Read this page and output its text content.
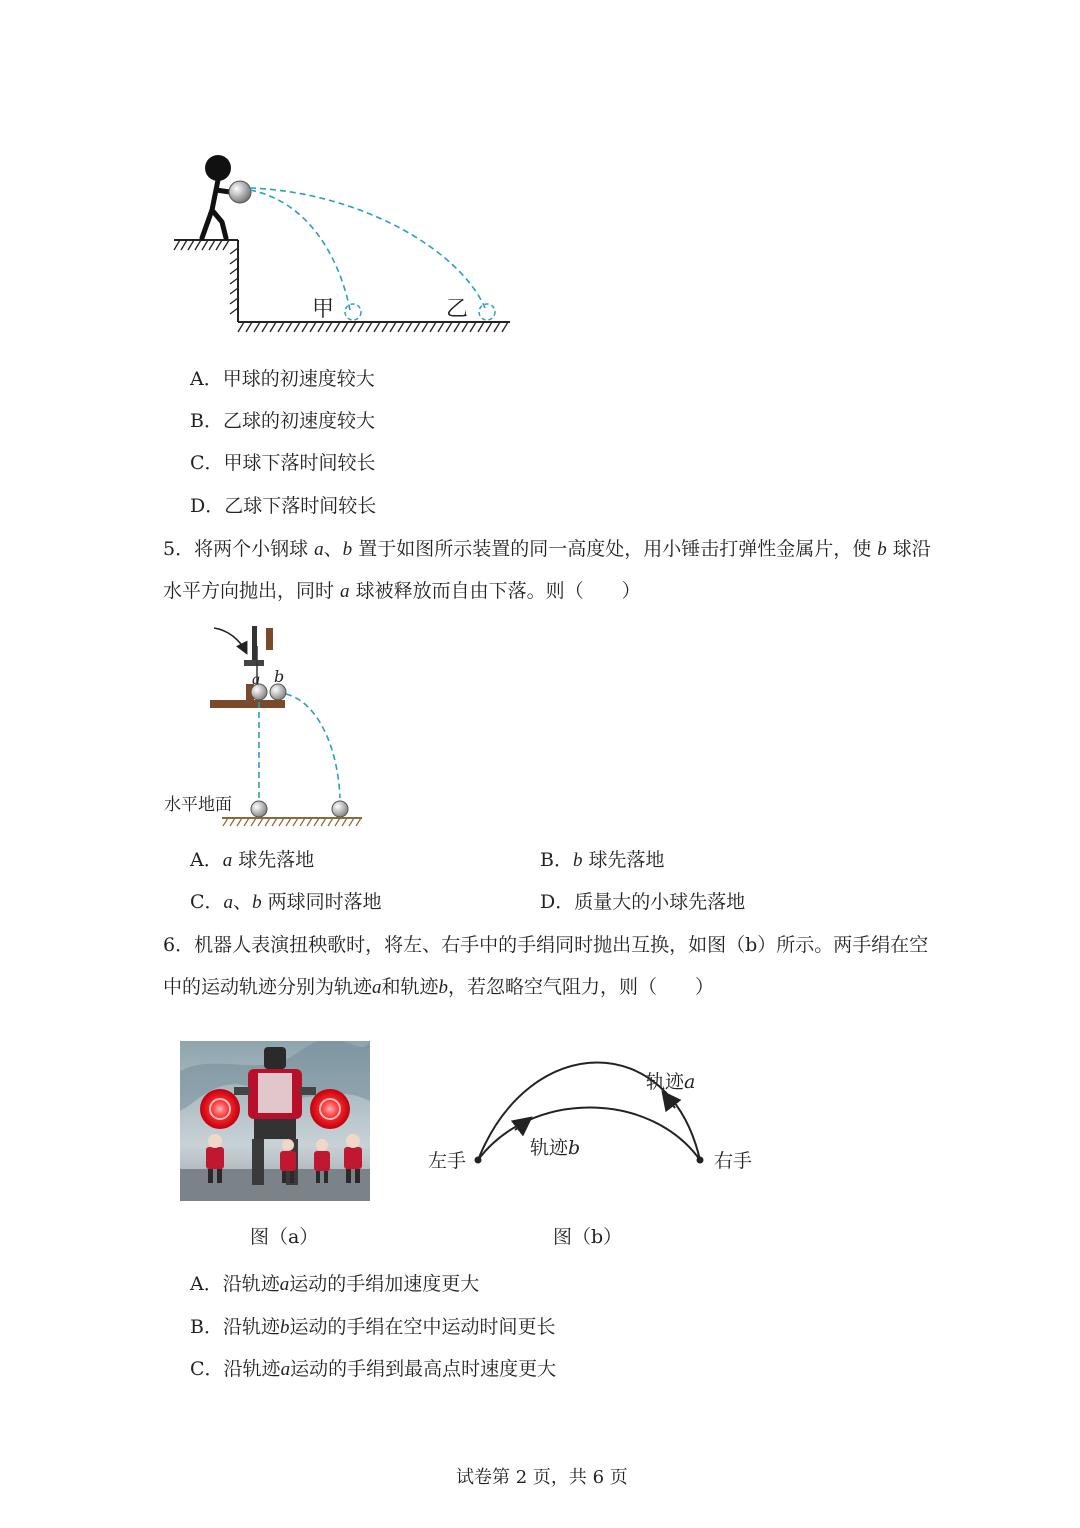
甲	乙
A．甲球的初速度较大
B．乙球的初速度较大
C．甲球下落时间较长
D．乙球下落时间较长
5．将两个小钢球 a、b 置于如图所示装置的同一高度处，用小锤击打弹性金属片，使 b 球沿
水平方向抛出，同时 a 球被释放而自由下落。则（　　）
a b
水平地面
A．a 球先落地	B．b 球先落地
C．a、b 两球同时落地	D．质量大的小球先落地
6．机器人表演扭秧歌时，将左、右手中的手绢同时抛出互换，如图（b）所示。两手绢在空
中的运动轨迹分别为轨迹a和轨迹b，若忽略空气阻力，则（　　）
轨迹a
轨迹b
左手	右手
图（a）	图（b）
A．沿轨迹a运动的手绢加速度更大
B．沿轨迹b运动的手绢在空中运动时间更长
C．沿轨迹a运动的手绢到最高点时速度更大
试卷第 2 页，共 6 页
